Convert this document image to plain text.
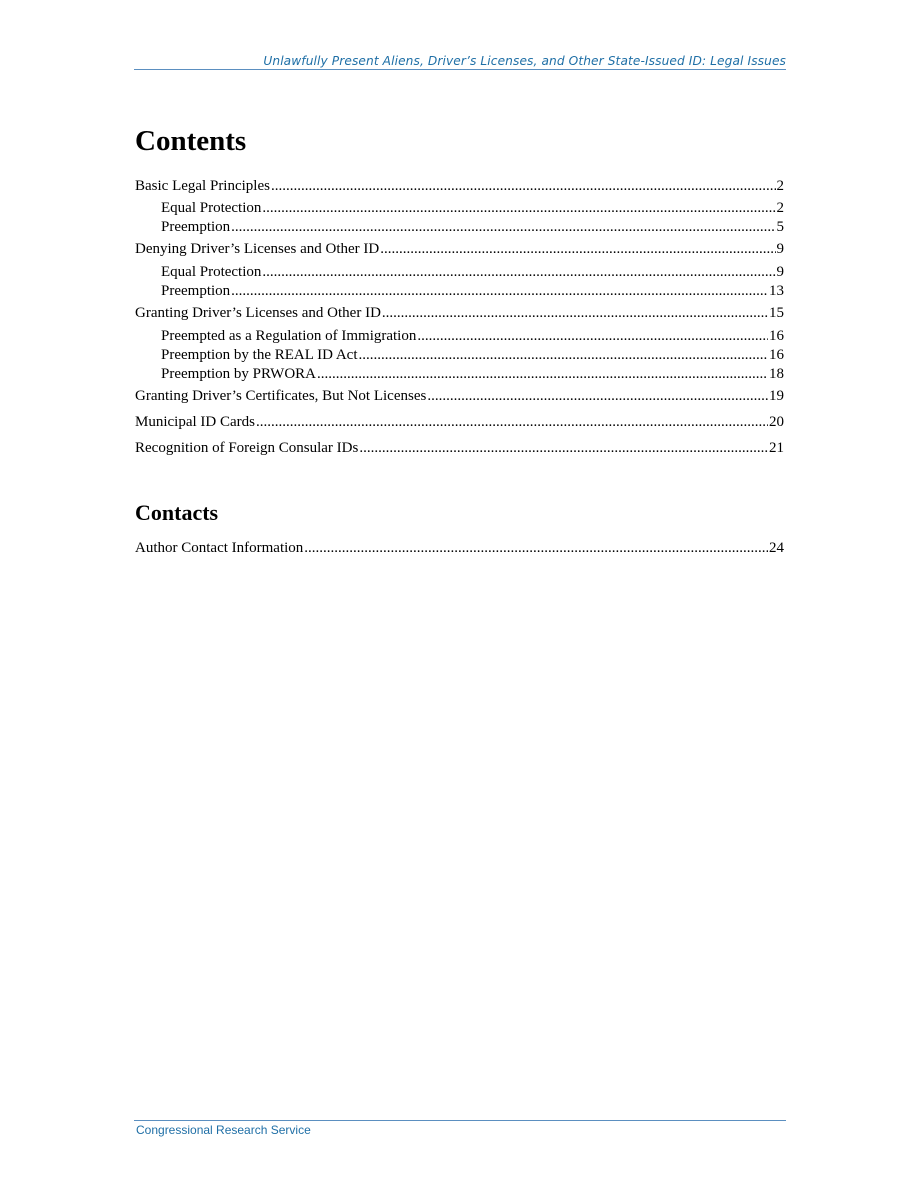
Unlawfully Present Aliens, Driver’s Licenses, and Other State-Issued ID: Legal Issues
Contents
Basic Legal Principles .....	2
Equal Protection .....	2
Preemption .....	5
Denying Driver’s Licenses and Other ID .....	9
Equal Protection .....	9
Preemption .....	13
Granting Driver’s Licenses and Other ID .....	15
Preempted as a Regulation of Immigration .....	16
Preemption by the REAL ID Act .....	16
Preemption by PRWORA .....	18
Granting Driver’s Certificates, But Not Licenses .....	19
Municipal ID Cards .....	20
Recognition of Foreign Consular IDs .....	21
Contacts
Author Contact Information .....	24
Congressional Research Service
